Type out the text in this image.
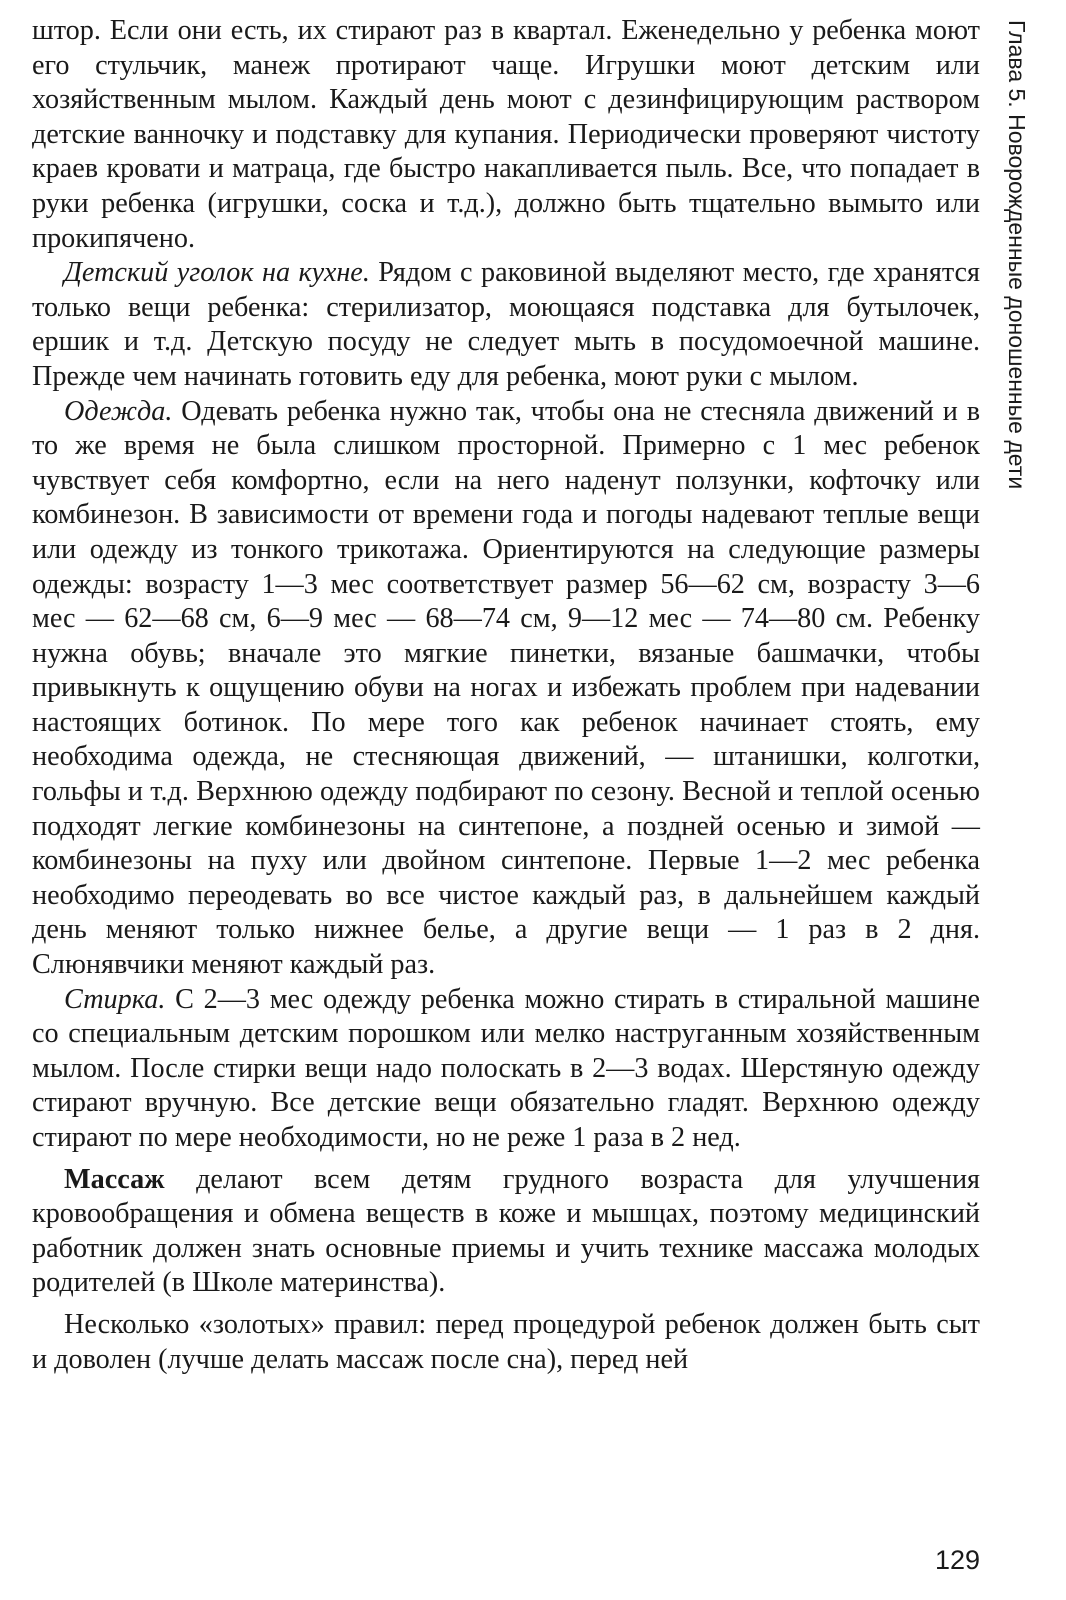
Глава 5. Новорожденные доношенные дети

штор. Если они есть, их стирают раз в квартал. Еженедельно у ребенка моют его стульчик, манеж протирают чаще. Игрушки моют детским или хозяйственным мылом. Каждый день моют с дезинфицирующим раствором детские ванночку и подставку для купания. Периодически проверяют чистоту краев кровати и матраца, где быстро накапливается пыль. Все, что попадает в руки ребенка (игрушки, соска и т.д.), должно быть тщательно вымыто или прокипячено.

Детский уголок на кухне. Рядом с раковиной выделяют место, где хранятся только вещи ребенка: стерилизатор, моющаяся подставка для бутылочек, ершик и т.д. Детскую посуду не следует мыть в посудомоечной машине. Прежде чем начинать готовить еду для ребенка, моют руки с мылом.

Одежда. Одевать ребенка нужно так, чтобы она не стесняла движений и в то же время не была слишком просторной. Примерно с 1 мес ребенок чувствует себя комфортно, если на него наденут ползунки, кофточку или комбинезон. В зависимости от времени года и погоды надевают теплые вещи или одежду из тонкого трикотажа. Ориентируются на следующие размеры одежды: возрасту 1—3 мес соответствует размер 56—62 см, возрасту 3—6 мес — 62—68 см, 6—9 мес — 68—74 см, 9—12 мес — 74—80 см. Ребенку нужна обувь; вначале это мягкие пинетки, вязаные башмачки, чтобы привыкнуть к ощущению обуви на ногах и избежать проблем при надевании настоящих ботинок. По мере того как ребенок начинает стоять, ему необходима одежда, не стесняющая движений, — штанишки, колготки, гольфы и т.д. Верхнюю одежду подбирают по сезону. Весной и теплой осенью подходят легкие комбинезоны на синтепоне, а поздней осенью и зимой — комбинезоны на пуху или двойном синтепоне. Первые 1—2 мес ребенка необходимо переодевать во все чистое каждый раз, в дальнейшем каждый день меняют только нижнее белье, а другие вещи — 1 раз в 2 дня. Слюнявчики меняют каждый раз.

Стирка. С 2—3 мес одежду ребенка можно стирать в стиральной машине со специальным детским порошком или мелко наструганным хозяйственным мылом. После стирки вещи надо полоскать в 2—3 водах. Шерстяную одежду стирают вручную. Все детские вещи обязательно гладят. Верхнюю одежду стирают по мере необходимости, но не реже 1 раза в 2 нед.

Массаж делают всем детям грудного возраста для улучшения кровообращения и обмена веществ в коже и мышцах, поэтому медицинский работник должен знать основные приемы и учить технике массажа молодых родителей (в Школе материнства).

Несколько «золотых» правил: перед процедурой ребенок должен быть сыт и доволен (лучше делать массаж после сна), перед ней

129
